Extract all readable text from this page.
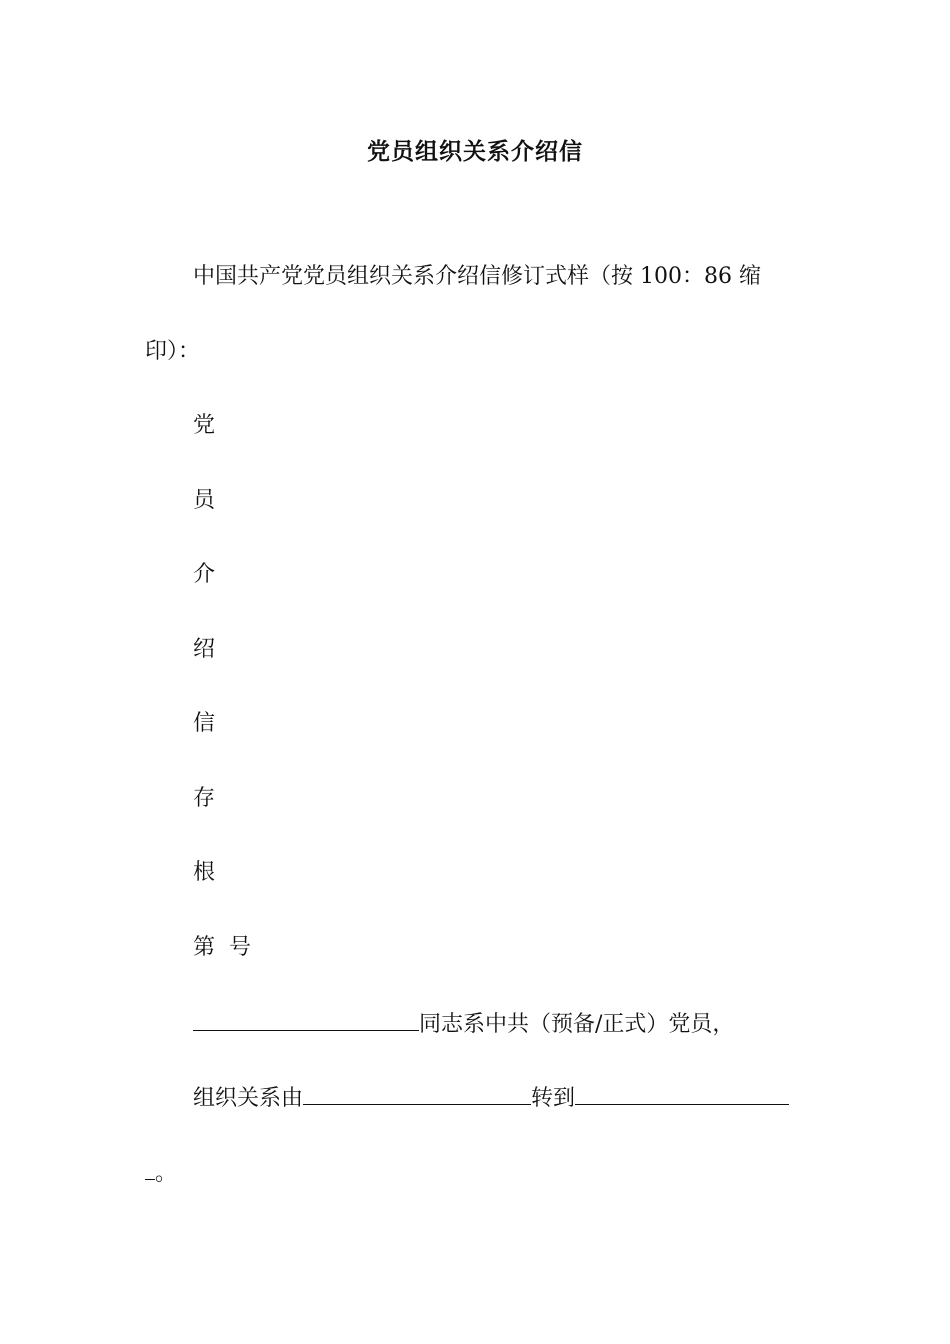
党员组织关系介绍信
中国共产党党员组织关系介绍信修订式样（按 100：86 缩
印）：
党
员
介
绍
信
存
根
第 号
同志系中共（预备/正式）党员，
组织关系由	转到
。
